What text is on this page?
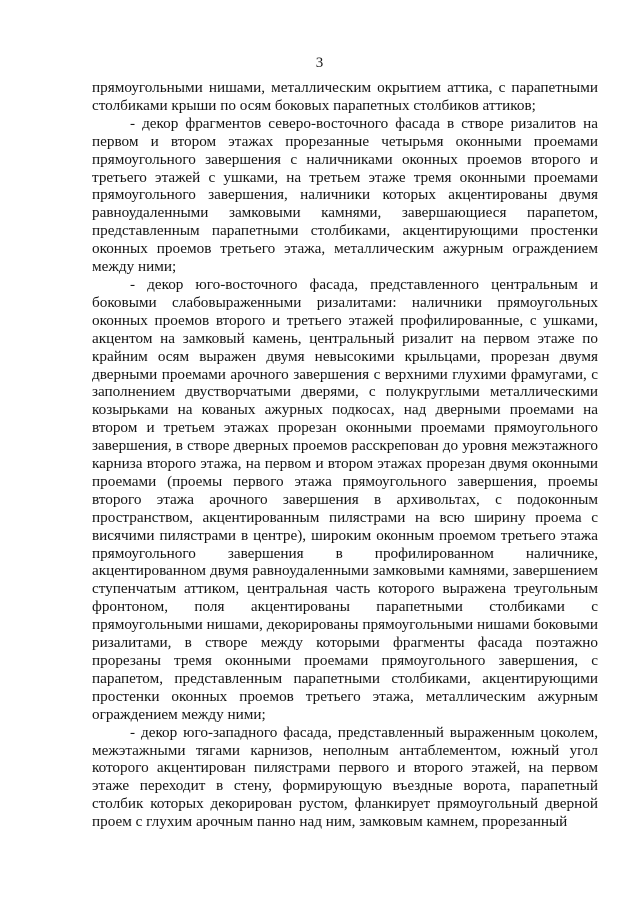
3

прямоугольными нишами, металлическим окрытием аттика, с парапетными столбиками крыши по осям боковых парапетных столбиков аттиков;

- декор фрагментов северо-восточного фасада в створе ризалитов на первом и втором этажах прорезанные четырьмя оконными проемами прямоугольного завершения с наличниками оконных проемов второго и третьего этажей с ушками, на третьем этаже тремя оконными проемами прямоугольного завершения, наличники которых акцентированы двумя равноудаленными замковыми камнями, завершающиеся парапетом, представленным парапетными столбиками, акцентирующими простенки оконных проемов третьего этажа, металлическим ажурным ограждением между ними;

- декор юго-восточного фасада, представленного центральным и боковыми слабовыраженными ризалитами: наличники прямоугольных оконных проемов второго и третьего этажей профилированные, с ушками, акцентом на замковый камень, центральный ризалит на первом этаже по крайним осям выражен двумя невысокими крыльцами, прорезан двумя дверными проемами арочного завершения с верхними глухими фрамугами, с заполнением двустворчатыми дверями, с полукруглыми металлическими козырьками на кованых ажурных подкосах, над дверными проемами на втором и третьем этажах прорезан оконными проемами прямоугольного завершения, в створе дверных проемов расскрепован до уровня межэтажного карниза второго этажа, на первом и втором этажах прорезан двумя оконными проемами (проемы первого этажа прямоугольного завершения, проемы второго этажа арочного завершения в архивольтах, с подоконным пространством, акцентированным пилястрами на всю ширину проема с висячими пилястрами в центре), широким оконным проемом третьего этажа прямоугольного завершения в профилированном наличнике, акцентированном двумя равноудаленными замковыми камнями, завершением ступенчатым аттиком, центральная часть которого выражена треугольным фронтоном, поля акцентированы парапетными столбиками с прямоугольными нишами, декорированы прямоугольными нишами боковыми ризалитами, в створе между которыми фрагменты фасада поэтажно прорезаны тремя оконными проемами прямоугольного завершения, с парапетом, представленным парапетными столбиками, акцентирующими простенки оконных проемов третьего этажа, металлическим ажурным ограждением между ними;

- декор юго-западного фасада, представленный выраженным цоколем, межэтажными тягами карнизов, неполным антаблементом, южный угол которого акцентирован пилястрами первого и второго этажей, на первом этаже переходит в стену, формирующую въездные ворота, парапетный столбик которых декорирован рустом, фланкирует прямоугольный дверной проем с глухим арочным панно над ним, замковым камнем, прорезанный
